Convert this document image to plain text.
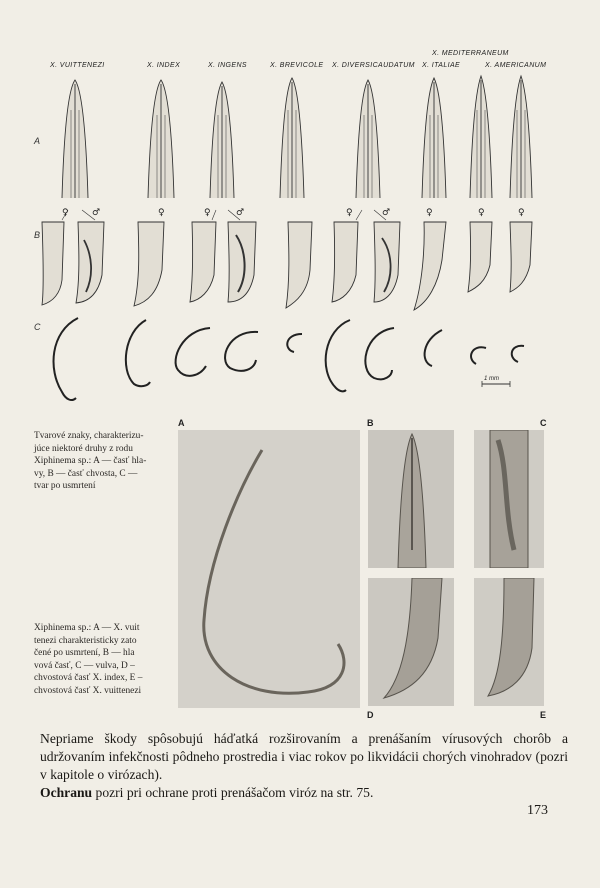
X. VUITTENEZI	X. INDEX	X. INGENS	X. BREVICOLE X. DIVERSICAUDATUM
X. MEDITERRANEUM
X. ITALIAE	X. AMERICANUM
A
B
C
♀	♂	♀	♀	♂	♀	♂	♀	♀	♀
1 mm
Tvarové znaky, charakterizu-
júce niektoré druhy z rodu
Xiphinema sp.: A — časť hla-
vy, B — časť chvosta, C —
tvar po usmrtení
A	B	C
D	E
Xiphinema sp.: A — X. vuit
tenezi charakteristicky zato
čené po usmrtení, B — hla
vová časť, C — vulva, D –
chvostová časť X. index, E –
chvostová časť X. vuittenezi

Nepriame škody spôsobujú háďatká rozširovaním a prenášaním vírusových chorôb a udržovaním infekčnosti pôdneho prostredia i viac rokov po likvidácii chorých vinohradov (pozri v kapitole o virózach).

Ochranu pozri pri ochrane proti prenášačom viróz na str. 75.

173
